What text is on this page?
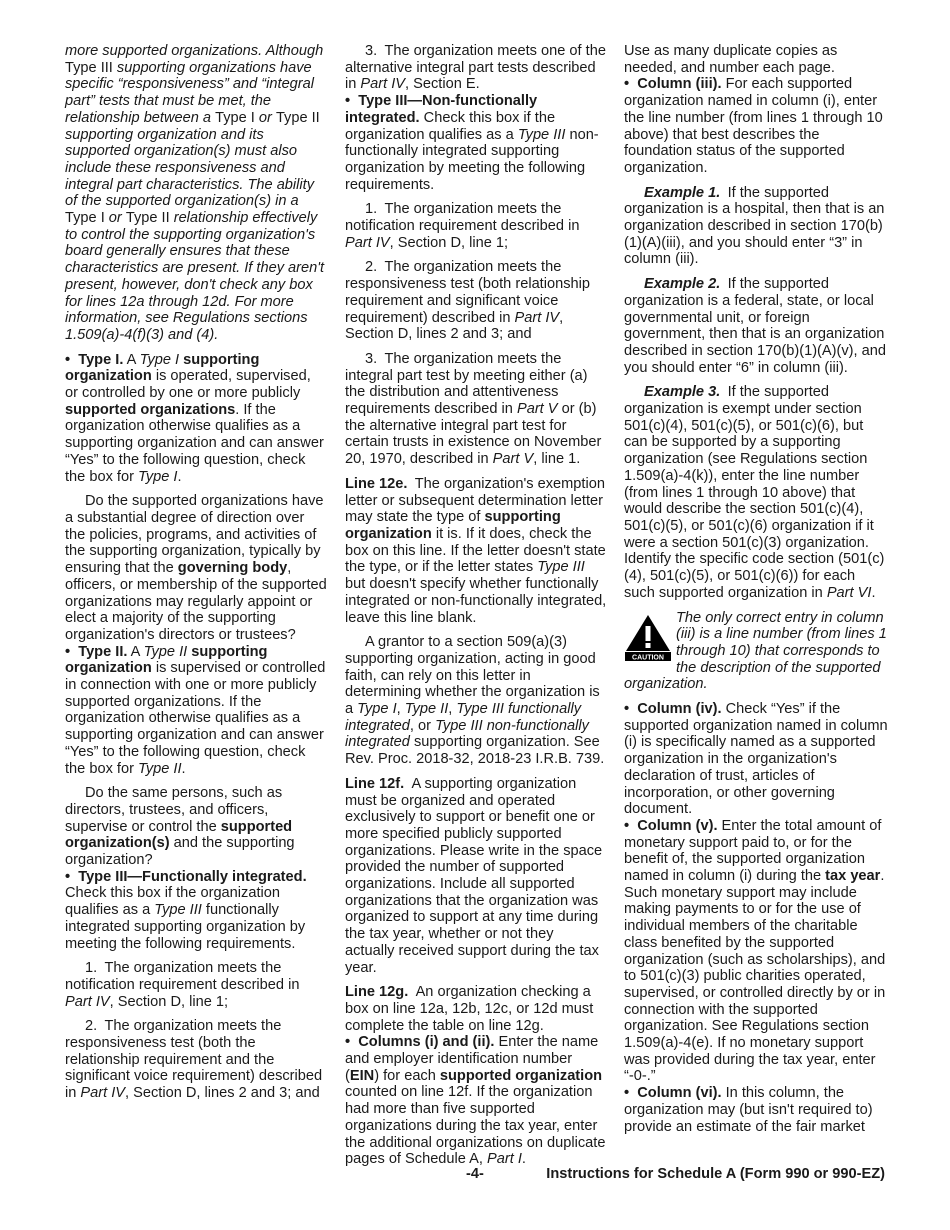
more supported organizations. Although Type III supporting organizations have specific “responsiveness” and “integral part” tests that must be met, the relationship between a Type I or Type II supporting organization and its supported organization(s) must also include these responsiveness and integral part characteristics. The ability of the supported organization(s) in a Type I or Type II relationship effectively to control the supporting organization's board generally ensures that these characteristics are present. If they aren't present, however, don't check any box for lines 12a through 12d. For more information, see Regulations sections 1.509(a)-4(f)(3) and (4).

• Type I. A Type I supporting organization is operated, supervised, or controlled by one or more publicly supported organizations. If the organization otherwise qualifies as a supporting organization and can answer “Yes” to the following question, check the box for Type I.

Do the supported organizations have a substantial degree of direction over the policies, programs, and activities of the supporting organization, typically by ensuring that the governing body, officers, or membership of the supported organizations may regularly appoint or elect a majority of the supporting organization's directors or trustees?

• Type II. A Type II supporting organization is supervised or controlled in connection with one or more publicly supported organizations. If the organization otherwise qualifies as a supporting organization and can answer “Yes” to the following question, check the box for Type II.

Do the same persons, such as directors, trustees, and officers, supervise or control the supported organization(s) and the supporting organization?

• Type III—Functionally integrated. Check this box if the organization qualifies as a Type III functionally integrated supporting organization by meeting the following requirements.

1. The organization meets the notification requirement described in Part IV, Section D, line 1;

2. The organization meets the responsiveness test (both the relationship requirement and the significant voice requirement) described in Part IV, Section D, lines 2 and 3; and

3. The organization meets one of the alternative integral part tests described in Part IV, Section E.

• Type III—Non-functionally integrated. Check this box if the organization qualifies as a Type III non-functionally integrated supporting organization by meeting the following requirements.

1. The organization meets the notification requirement described in Part IV, Section D, line 1;

2. The organization meets the responsiveness test (both relationship requirement and significant voice requirement) described in Part IV, Section D, lines 2 and 3; and

3. The organization meets the integral part test by meeting either (a) the distribution and attentiveness requirements described in Part V or (b) the alternative integral part test for certain trusts in existence on November 20, 1970, described in Part V, line 1.

Line 12e. The organization's exemption letter or subsequent determination letter may state the type of supporting organization it is. If it does, check the box on this line. If the letter doesn't state the type, or if the letter states Type III but doesn't specify whether functionally integrated or non-functionally integrated, leave this line blank.

A grantor to a section 509(a)(3) supporting organization, acting in good faith, can rely on this letter in determining whether the organization is a Type I, Type II, Type III functionally integrated, or Type III non-functionally integrated supporting organization. See Rev. Proc. 2018-32, 2018-23 I.R.B. 739.

Line 12f. A supporting organization must be organized and operated exclusively to support or benefit one or more specified publicly supported organizations. Please write in the space provided the number of supported organizations. Include all supported organizations that the organization was organized to support at any time during the tax year, whether or not they actually received support during the tax year.

Line 12g. An organization checking a box on line 12a, 12b, 12c, or 12d must complete the table on line 12g.

• Columns (i) and (ii). Enter the name and employer identification number (EIN) for each supported organization counted on line 12f. If the organization had more than five supported organizations during the tax year, enter the additional organizations on duplicate pages of Schedule A, Part I.

Use as many duplicate copies as needed, and number each page.

• Column (iii). For each supported organization named in column (i), enter the line number (from lines 1 through 10 above) that best describes the foundation status of the supported organization.

Example 1. If the supported organization is a hospital, then that is an organization described in section 170(b)(1)(A)(iii), and you should enter “3” in column (iii).

Example 2. If the supported organization is a federal, state, or local governmental unit, or foreign government, then that is an organization described in section 170(b)(1)(A)(v), and you should enter “6” in column (iii).

Example 3. If the supported organization is exempt under section 501(c)(4), 501(c)(5), or 501(c)(6), but can be supported by a supporting organization (see Regulations section 1.509(a)-4(k)), enter the line number (from lines 1 through 10 above) that would describe the section 501(c)(4), 501(c)(5), or 501(c)(6) organization if it were a section 501(c)(3) organization. Identify the specific code section (501(c)(4), 501(c)(5), or 501(c)(6)) for each such supported organization in Part VI.

CAUTION
The only correct entry in column (iii) is a line number (from lines 1 through 10) that corresponds to the description of the supported organization.

• Column (iv). Check “Yes” if the supported organization named in column (i) is specifically named as a supported organization in the organization's declaration of trust, articles of incorporation, or other governing document.

• Column (v). Enter the total amount of monetary support paid to, or for the benefit of, the supported organization named in column (i) during the tax year. Such monetary support may include making payments to or for the use of individual members of the charitable class benefited by the supported organization (such as scholarships), and to 501(c)(3) public charities operated, supervised, or controlled directly by or in connection with the supported organization. See Regulations section 1.509(a)-4(e). If no monetary support was provided during the tax year, enter “-0-.”

• Column (vi). In this column, the organization may (but isn't required to) provide an estimate of the fair market

-4-	Instructions for Schedule A (Form 990 or 990-EZ)
